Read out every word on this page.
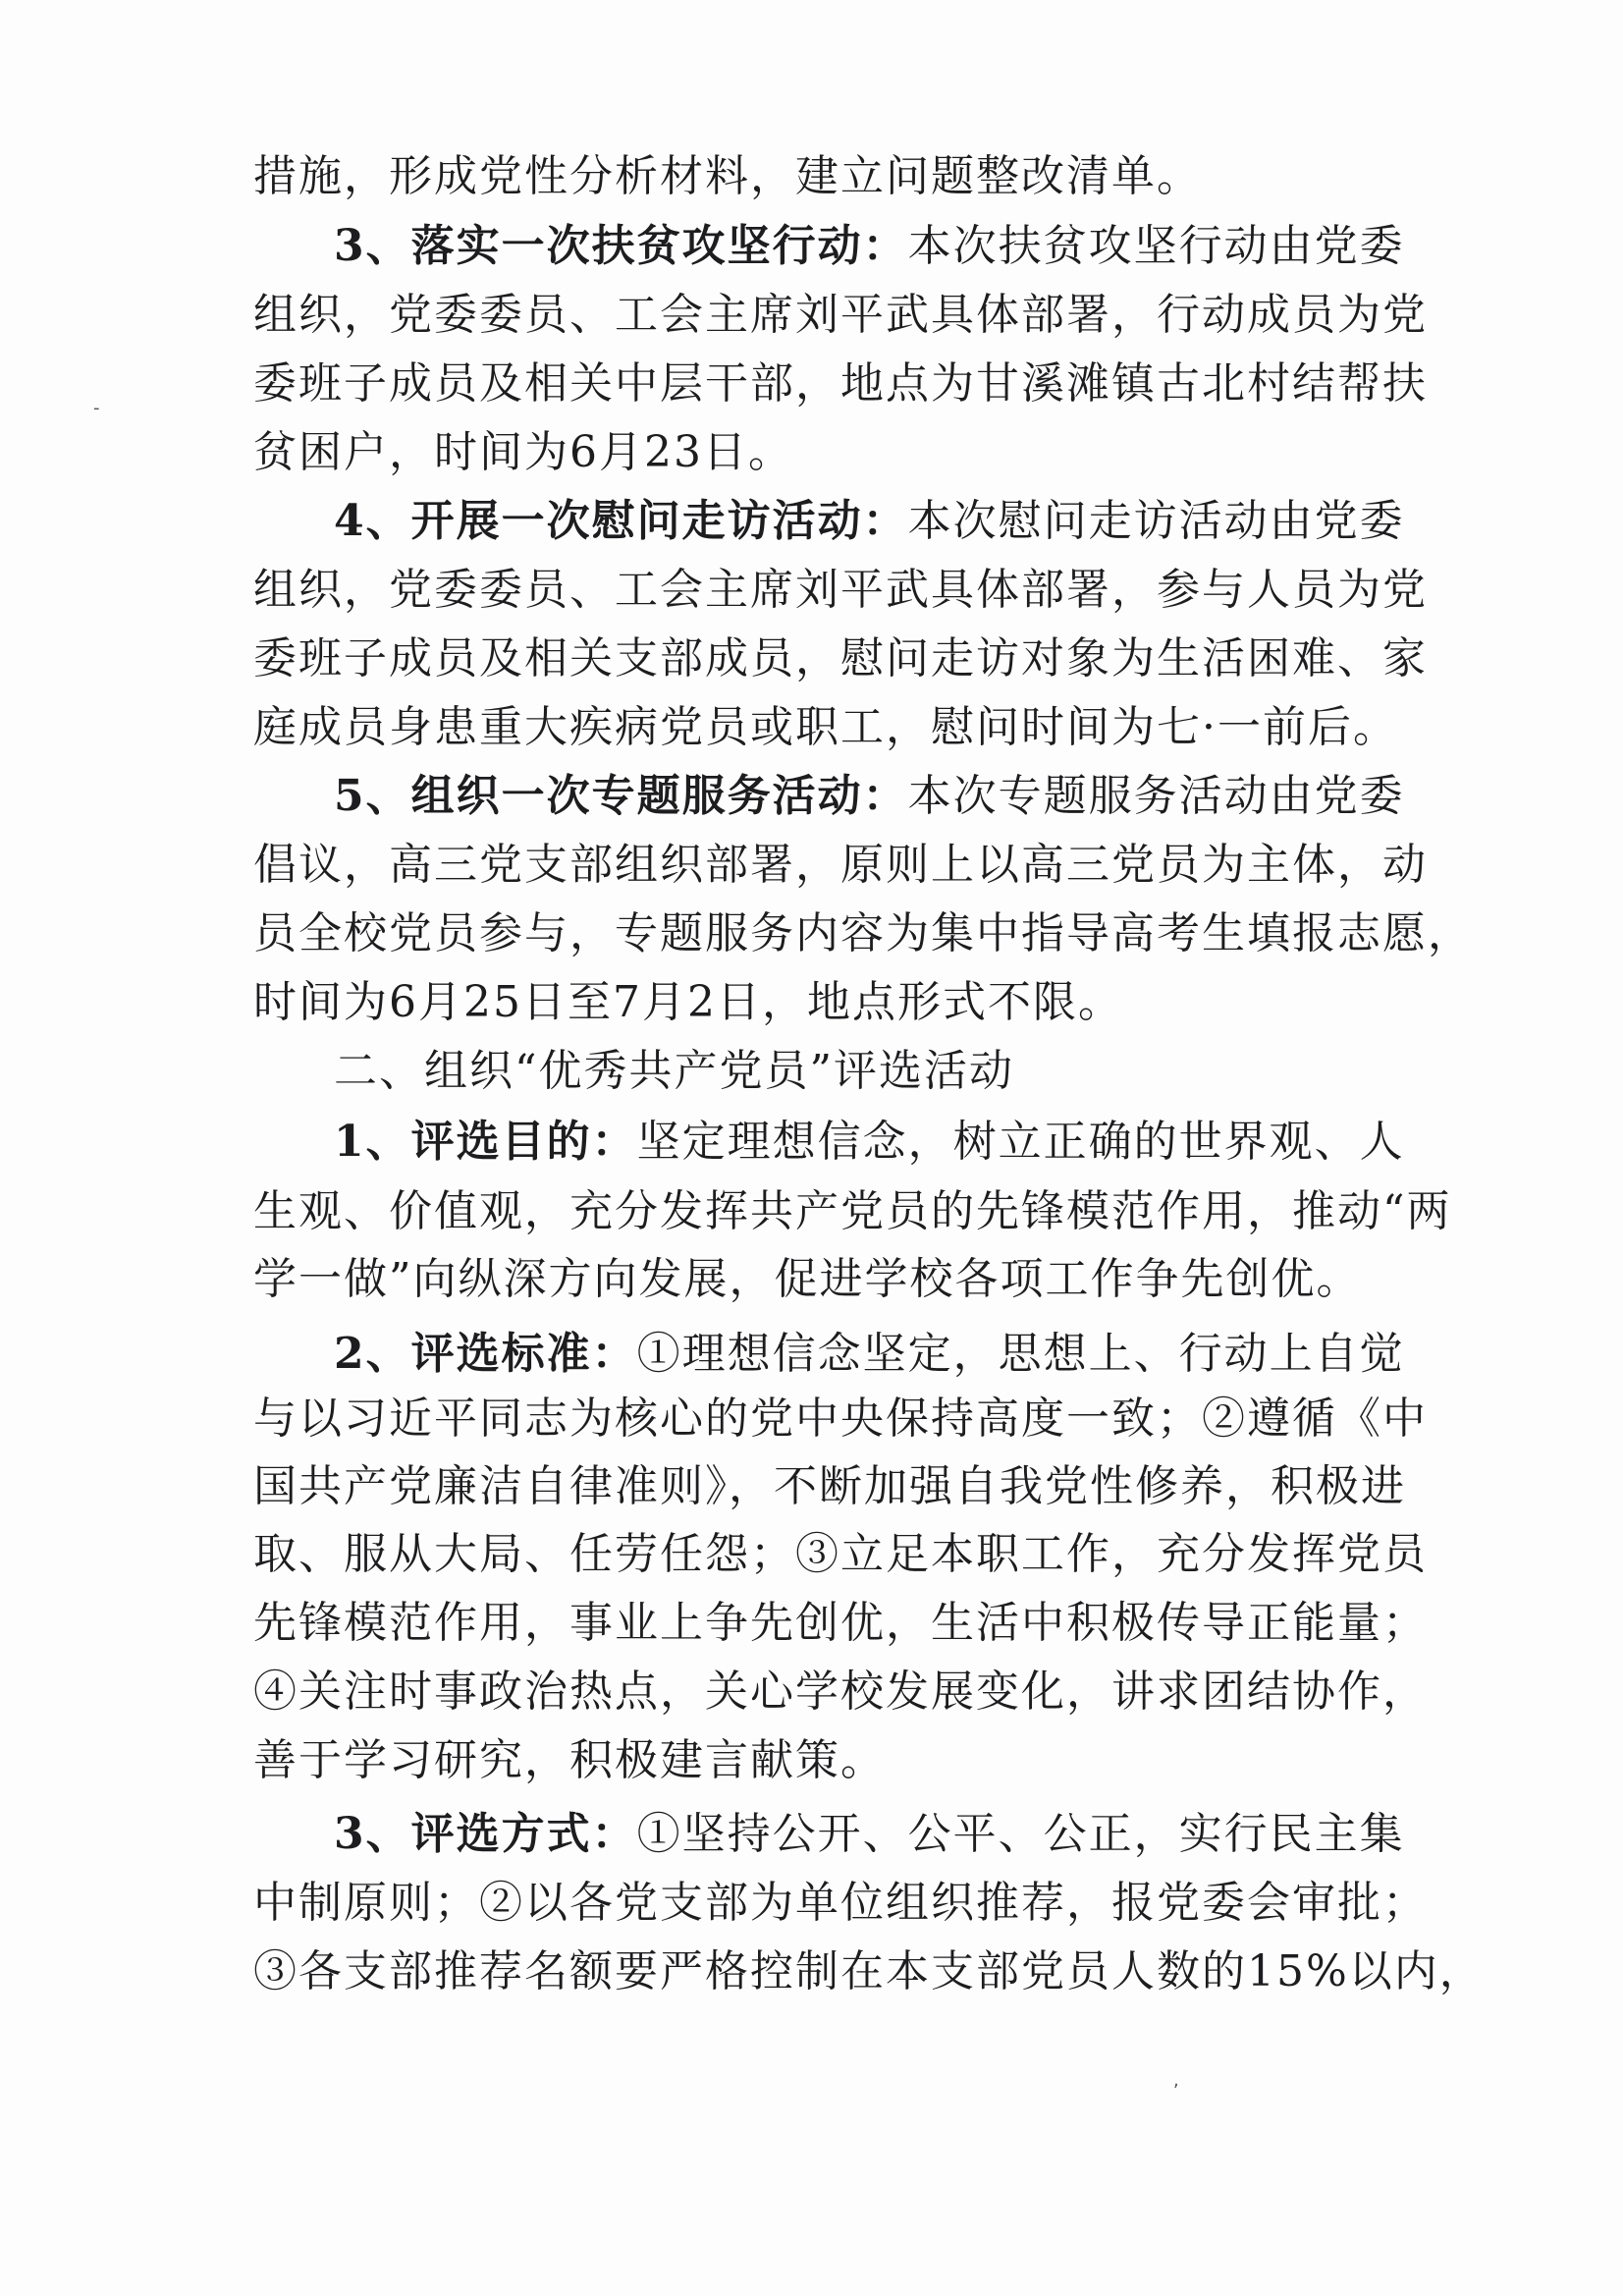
措施，形成党性分析材料，建立问题整改清单。

3、落实一次扶贫攻坚行动：本次扶贫攻坚行动由党委

组织，党委委员、工会主席刘平武具体部署，行动成员为党

委班子成员及相关中层干部，地点为甘溪滩镇古北村结帮扶

贫困户，时间为6月23日。

4、开展一次慰问走访活动：本次慰问走访活动由党委

组织，党委委员、工会主席刘平武具体部署，参与人员为党

委班子成员及相关支部成员，慰问走访对象为生活困难、家

庭成员身患重大疾病党员或职工，慰问时间为七·一前后。

5、组织一次专题服务活动：本次专题服务活动由党委

倡议，高三党支部组织部署，原则上以高三党员为主体，动

员全校党员参与，专题服务内容为集中指导高考生填报志愿，

时间为6月25日至7月2日，地点形式不限。

二、组织“优秀共产党员”评选活动

1、评选目的：坚定理想信念，树立正确的世界观、人

生观、价值观，充分发挥共产党员的先锋模范作用，推动“两

学一做”向纵深方向发展，促进学校各项工作争先创优。

2、评选标准：①理想信念坚定，思想上、行动上自觉

与以习近平同志为核心的党中央保持高度一致；②遵循《中

国共产党廉洁自律准则》，不断加强自我党性修养，积极进

取、服从大局、任劳任怨；③立足本职工作，充分发挥党员

先锋模范作用，事业上争先创优，生活中积极传导正能量；

④关注时事政治热点，关心学校发展变化，讲求团结协作，

善于学习研究，积极建言献策。

3、评选方式：①坚持公开、公平、公正，实行民主集

中制原则；②以各党支部为单位组织推荐，报党委会审批；

③各支部推荐名额要严格控制在本支部党员人数的15%以内，

-
,
